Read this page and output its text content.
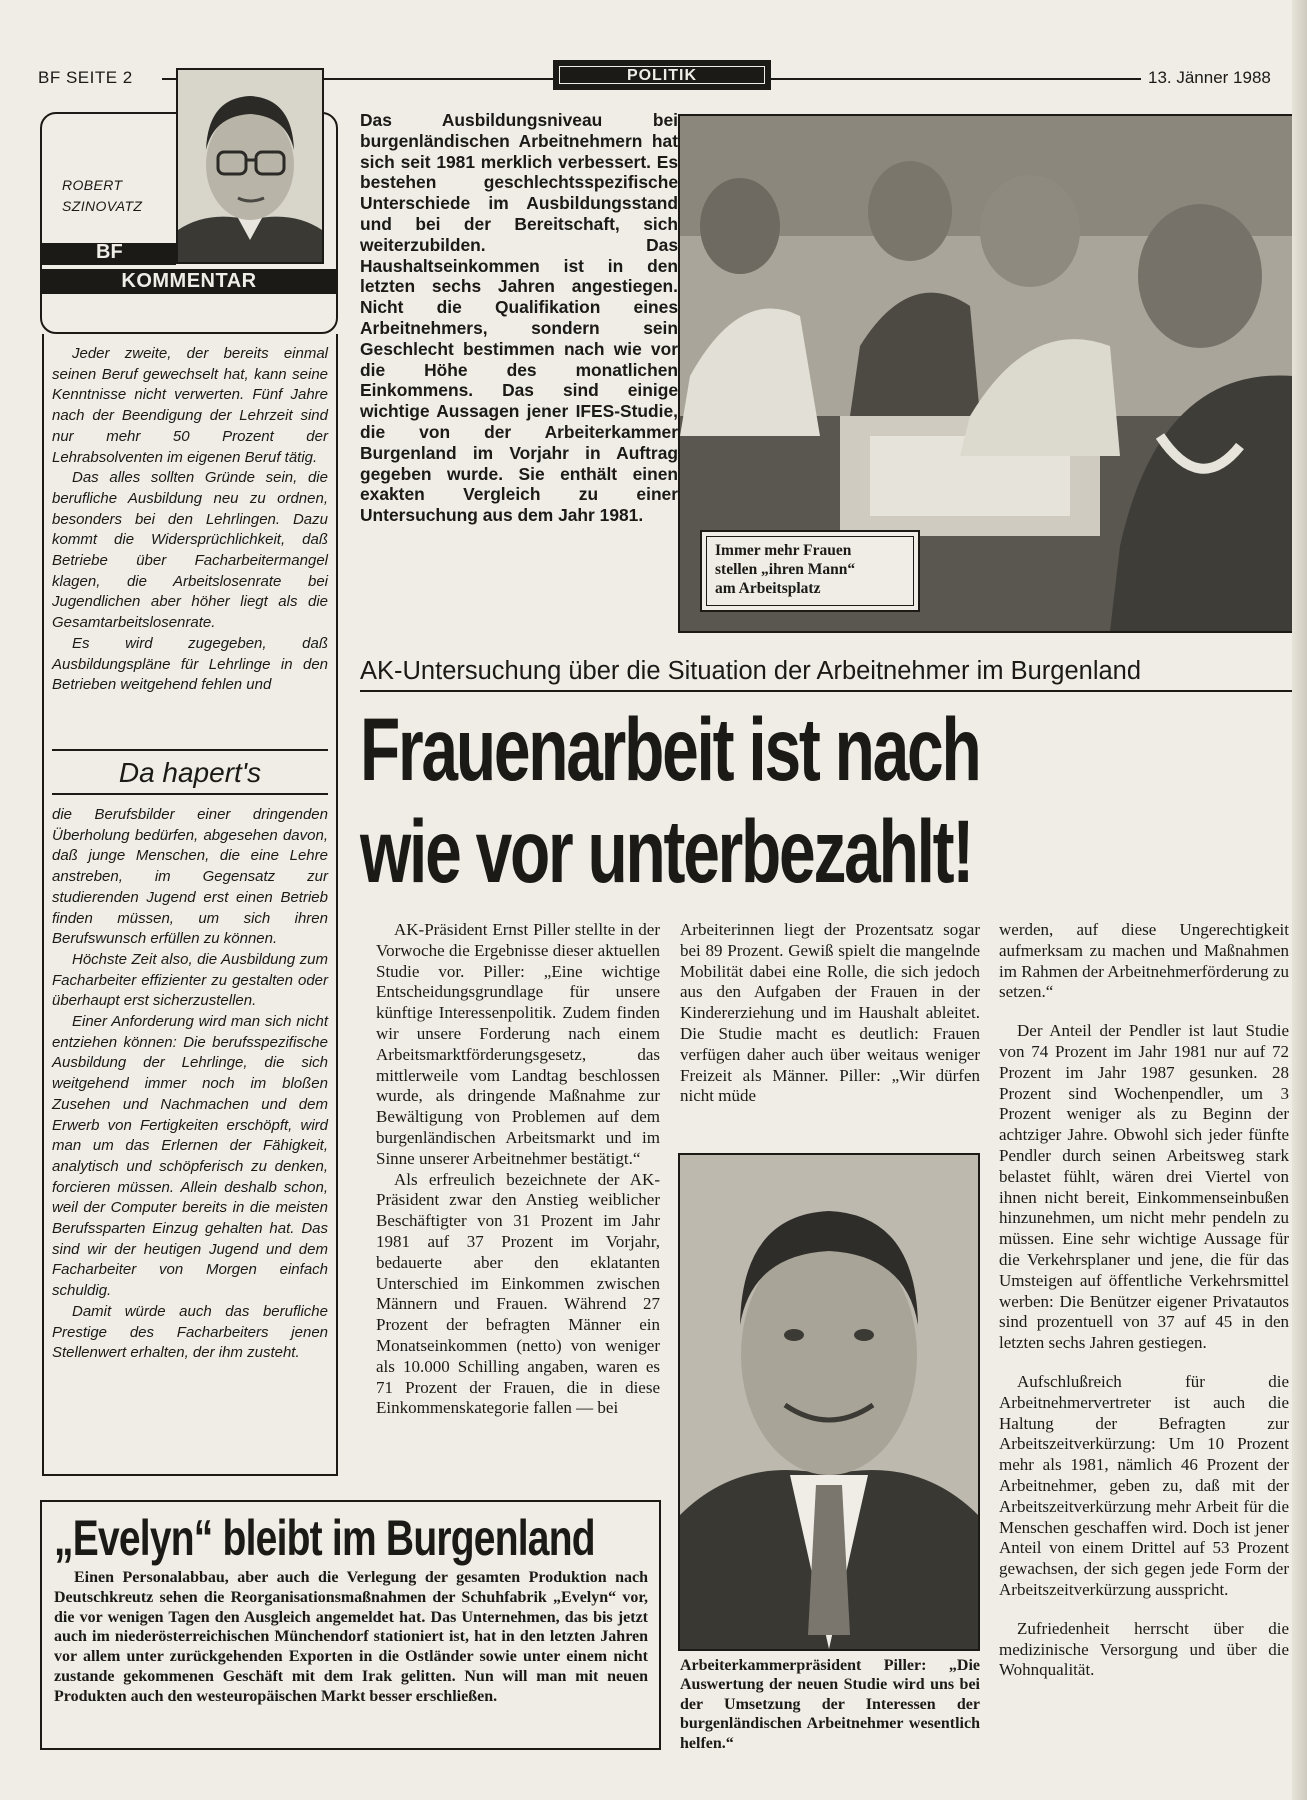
BF SEITE 2	POLITIK	13. Jänner 1988
ROBERT
SZINOVATZ
BF
KOMMENTAR

Jeder zweite, der bereits einmal seinen Beruf gewechselt hat, kann seine Kenntnisse nicht verwerten. Fünf Jahre nach der Beendigung der Lehrzeit sind nur mehr 50 Prozent der Lehrabsolventen im eigenen Beruf tätig.

Das alles sollten Gründe sein, die berufliche Ausbildung neu zu ordnen, besonders bei den Lehrlingen. Dazu kommt die Widersprüchlichkeit, daß Betriebe über Facharbeitermangel klagen, die Arbeitslosenrate bei Jugendlichen aber höher liegt als die Gesamtarbeitslosenrate.

Es wird zugegeben, daß Ausbildungspläne für Lehrlinge in den Betrieben weitgehend fehlen und

Da hapert's

die Berufsbilder einer dringenden Überholung bedürfen, abgesehen davon, daß junge Menschen, die eine Lehre anstreben, im Gegensatz zur studierenden Jugend erst einen Betrieb finden müssen, um sich ihren Berufswunsch erfüllen zu können.

Höchste Zeit also, die Ausbildung zum Facharbeiter effizienter zu gestalten oder überhaupt erst sicherzustellen.

Einer Anforderung wird man sich nicht entziehen können: Die berufsspezifische Ausbildung der Lehrlinge, die sich weitgehend immer noch im bloßen Zusehen und Nachmachen und dem Erwerb von Fertigkeiten erschöpft, wird man um das Erlernen der Fähigkeit, analytisch und schöpferisch zu denken, forcieren müssen. Allein deshalb schon, weil der Computer bereits in die meisten Berufssparten Einzug gehalten hat. Das sind wir der heutigen Jugend und dem Facharbeiter von Morgen einfach schuldig.

Damit würde auch das berufliche Prestige des Facharbeiters jenen Stellenwert erhalten, der ihm zusteht.

Das Ausbildungsniveau bei burgenländischen Arbeitnehmern hat sich seit 1981 merklich verbessert. Es bestehen geschlechtsspezifische Unterschiede im Ausbildungsstand und bei der Bereitschaft, sich weiterzubilden. Das Haushaltseinkommen ist in den letzten sechs Jahren angestiegen. Nicht die Qualifikation eines Arbeitnehmers, sondern sein Geschlecht bestimmen nach wie vor die Höhe des monatlichen Einkommens. Das sind einige wichtige Aussagen jener IFES-Studie, die von der Arbeiterkammer Burgenland im Vorjahr in Auftrag gegeben wurde. Sie enthält einen exakten Vergleich zu einer Untersuchung aus dem Jahr 1981.

Immer mehr Frauen
stellen „ihren Mann“
am Arbeitsplatz
AK-Untersuchung über die Situation der Arbeitnehmer im Burgenland
Frauenarbeit ist nach
wie vor unterbezahlt!

AK-Präsident Ernst Piller stellte in der Vorwoche die Ergebnisse dieser aktuellen Studie vor. Piller: „Eine wichtige Entscheidungsgrundlage für unsere künftige Interessenpolitik. Zudem finden wir unsere Forderung nach einem Arbeitsmarktförderungsgesetz, das mittlerweile vom Landtag beschlossen wurde, als dringende Maßnahme zur Bewältigung von Problemen auf dem burgenländischen Arbeitsmarkt und im Sinne unserer Arbeitnehmer bestätigt.“

Als erfreulich bezeichnete der AK-Präsident zwar den Anstieg weiblicher Beschäftigter von 31 Prozent im Jahr 1981 auf 37 Prozent im Vorjahr, bedauerte aber den eklatanten Unterschied im Einkommen zwischen Männern und Frauen. Während 27 Prozent der befragten Männer ein Monatseinkommen (netto) von weniger als 10.000 Schilling angaben, waren es 71 Prozent der Frauen, die in diese Einkommenskategorie fallen — bei

Arbeiterinnen liegt der Prozentsatz sogar bei 89 Prozent. Gewiß spielt die mangelnde Mobilität dabei eine Rolle, die sich jedoch aus den Aufgaben der Frauen in der Kindererziehung und im Haushalt ableitet. Die Studie macht es deutlich: Frauen verfügen daher auch über weitaus weniger Freizeit als Männer. Piller: „Wir dürfen nicht müde

Arbeiterkammerpräsident Piller: „Die Auswertung der neuen Studie wird uns bei der Umsetzung der Interessen der burgenländischen Arbeitnehmer wesentlich helfen.“

werden, auf diese Ungerechtigkeit aufmerksam zu machen und Maßnahmen im Rahmen der Arbeitnehmerförderung zu setzen.“

Der Anteil der Pendler ist laut Studie von 74 Prozent im Jahr 1981 nur auf 72 Prozent im Jahr 1987 gesunken. 28 Prozent sind Wochenpendler, um 3 Prozent weniger als zu Beginn der achtziger Jahre. Obwohl sich jeder fünfte Pendler durch seinen Arbeitsweg stark belastet fühlt, wären drei Viertel von ihnen nicht bereit, Einkommenseinbußen hinzunehmen, um nicht mehr pendeln zu müssen. Eine sehr wichtige Aussage für die Verkehrsplaner und jene, die für das Umsteigen auf öffentliche Verkehrsmittel werben: Die Benützer eigener Privatautos sind prozentuell von 37 auf 45 in den letzten sechs Jahren gestiegen.

Aufschlußreich für die Arbeitnehmervertreter ist auch die Haltung der Befragten zur Arbeitszeitverkürzung: Um 10 Prozent mehr als 1981, nämlich 46 Prozent der Arbeitnehmer, geben zu, daß mit der Arbeitszeitverkürzung mehr Arbeit für die Menschen geschaffen wird. Doch ist jener Anteil von einem Drittel auf 53 Prozent gewachsen, der sich gegen jede Form der Arbeitszeitverkürzung ausspricht.

Zufriedenheit herrscht über die medizinische Versorgung und über die Wohnqualität.

„Evelyn“ bleibt im Burgenland

Einen Personalabbau, aber auch die Verlegung der gesamten Produktion nach Deutschkreutz sehen die Reorganisationsmaßnahmen der Schuhfabrik „Evelyn“ vor, die vor wenigen Tagen den Ausgleich angemeldet hat. Das Unternehmen, das bis jetzt auch im niederösterreichischen Münchendorf stationiert ist, hat in den letzten Jahren vor allem unter zurückgehenden Exporten in die Ostländer sowie unter einem nicht zustande gekommenen Geschäft mit dem Irak gelitten. Nun will man mit neuen Produkten auch den westeuropäischen Markt besser erschließen.
